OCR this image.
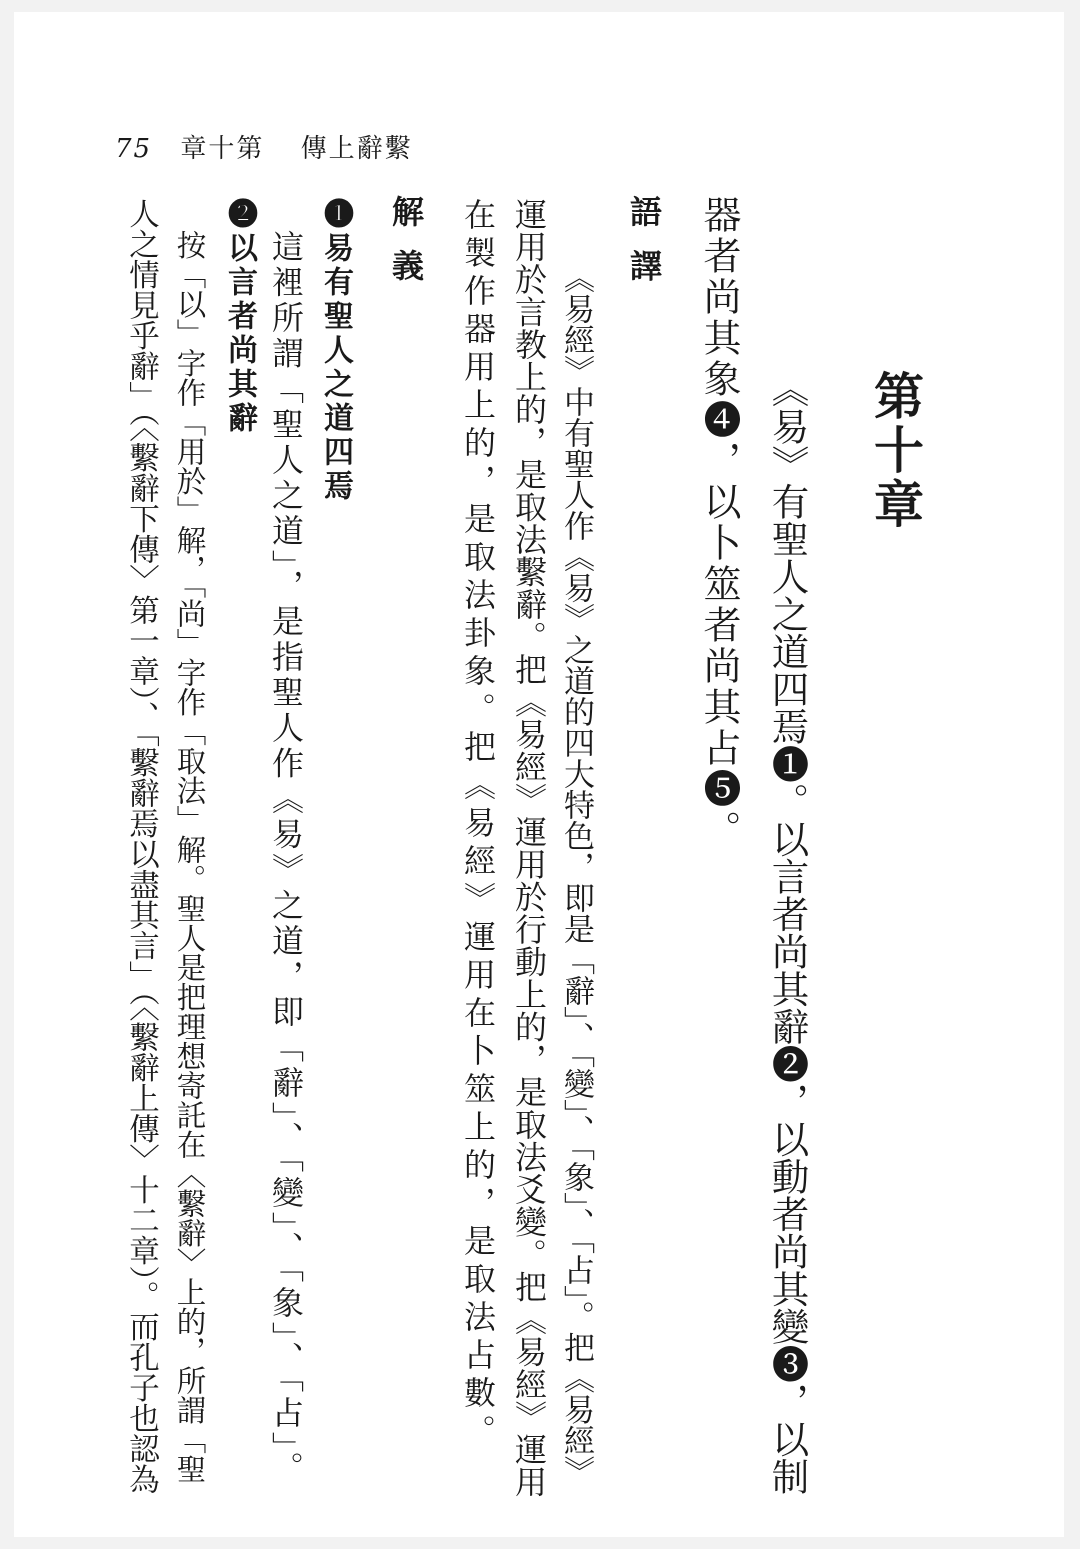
75 章十第 傳上辭繫
第十章
《易》有聖人之道四焉❶。以言者尚其辭❷，以動者尚其變❸，以制
器者尚其象❹，以卜筮者尚其占❺。
語譯
《易經》中有聖人作《易》之道的四大特色，即是「辭」、「變」、「象」、「占」。把《易經》
運用於言教上的，是取法繫辭。把《易經》運用於行動上的，是取法爻變。把《易經》運用
在製作器用上的，是取法卦象。把《易經》運用在卜筮上的，是取法占數。
解義
❶易有聖人之道四焉
這裡所謂「聖人之道」，是指聖人作《易》之道，即「辭」、「變」、「象」、「占」。
❷以言者尚其辭
按「以」字作「用於」解，「尚」字作「取法」解。聖人是把理想寄託在〈繫辭〉上的，所謂「聖
人之情見乎辭」（〈繫辭下傳〉第一章）、「繫辭焉以盡其言」（〈繫辭上傳〉十二章）。而孔子也認為
